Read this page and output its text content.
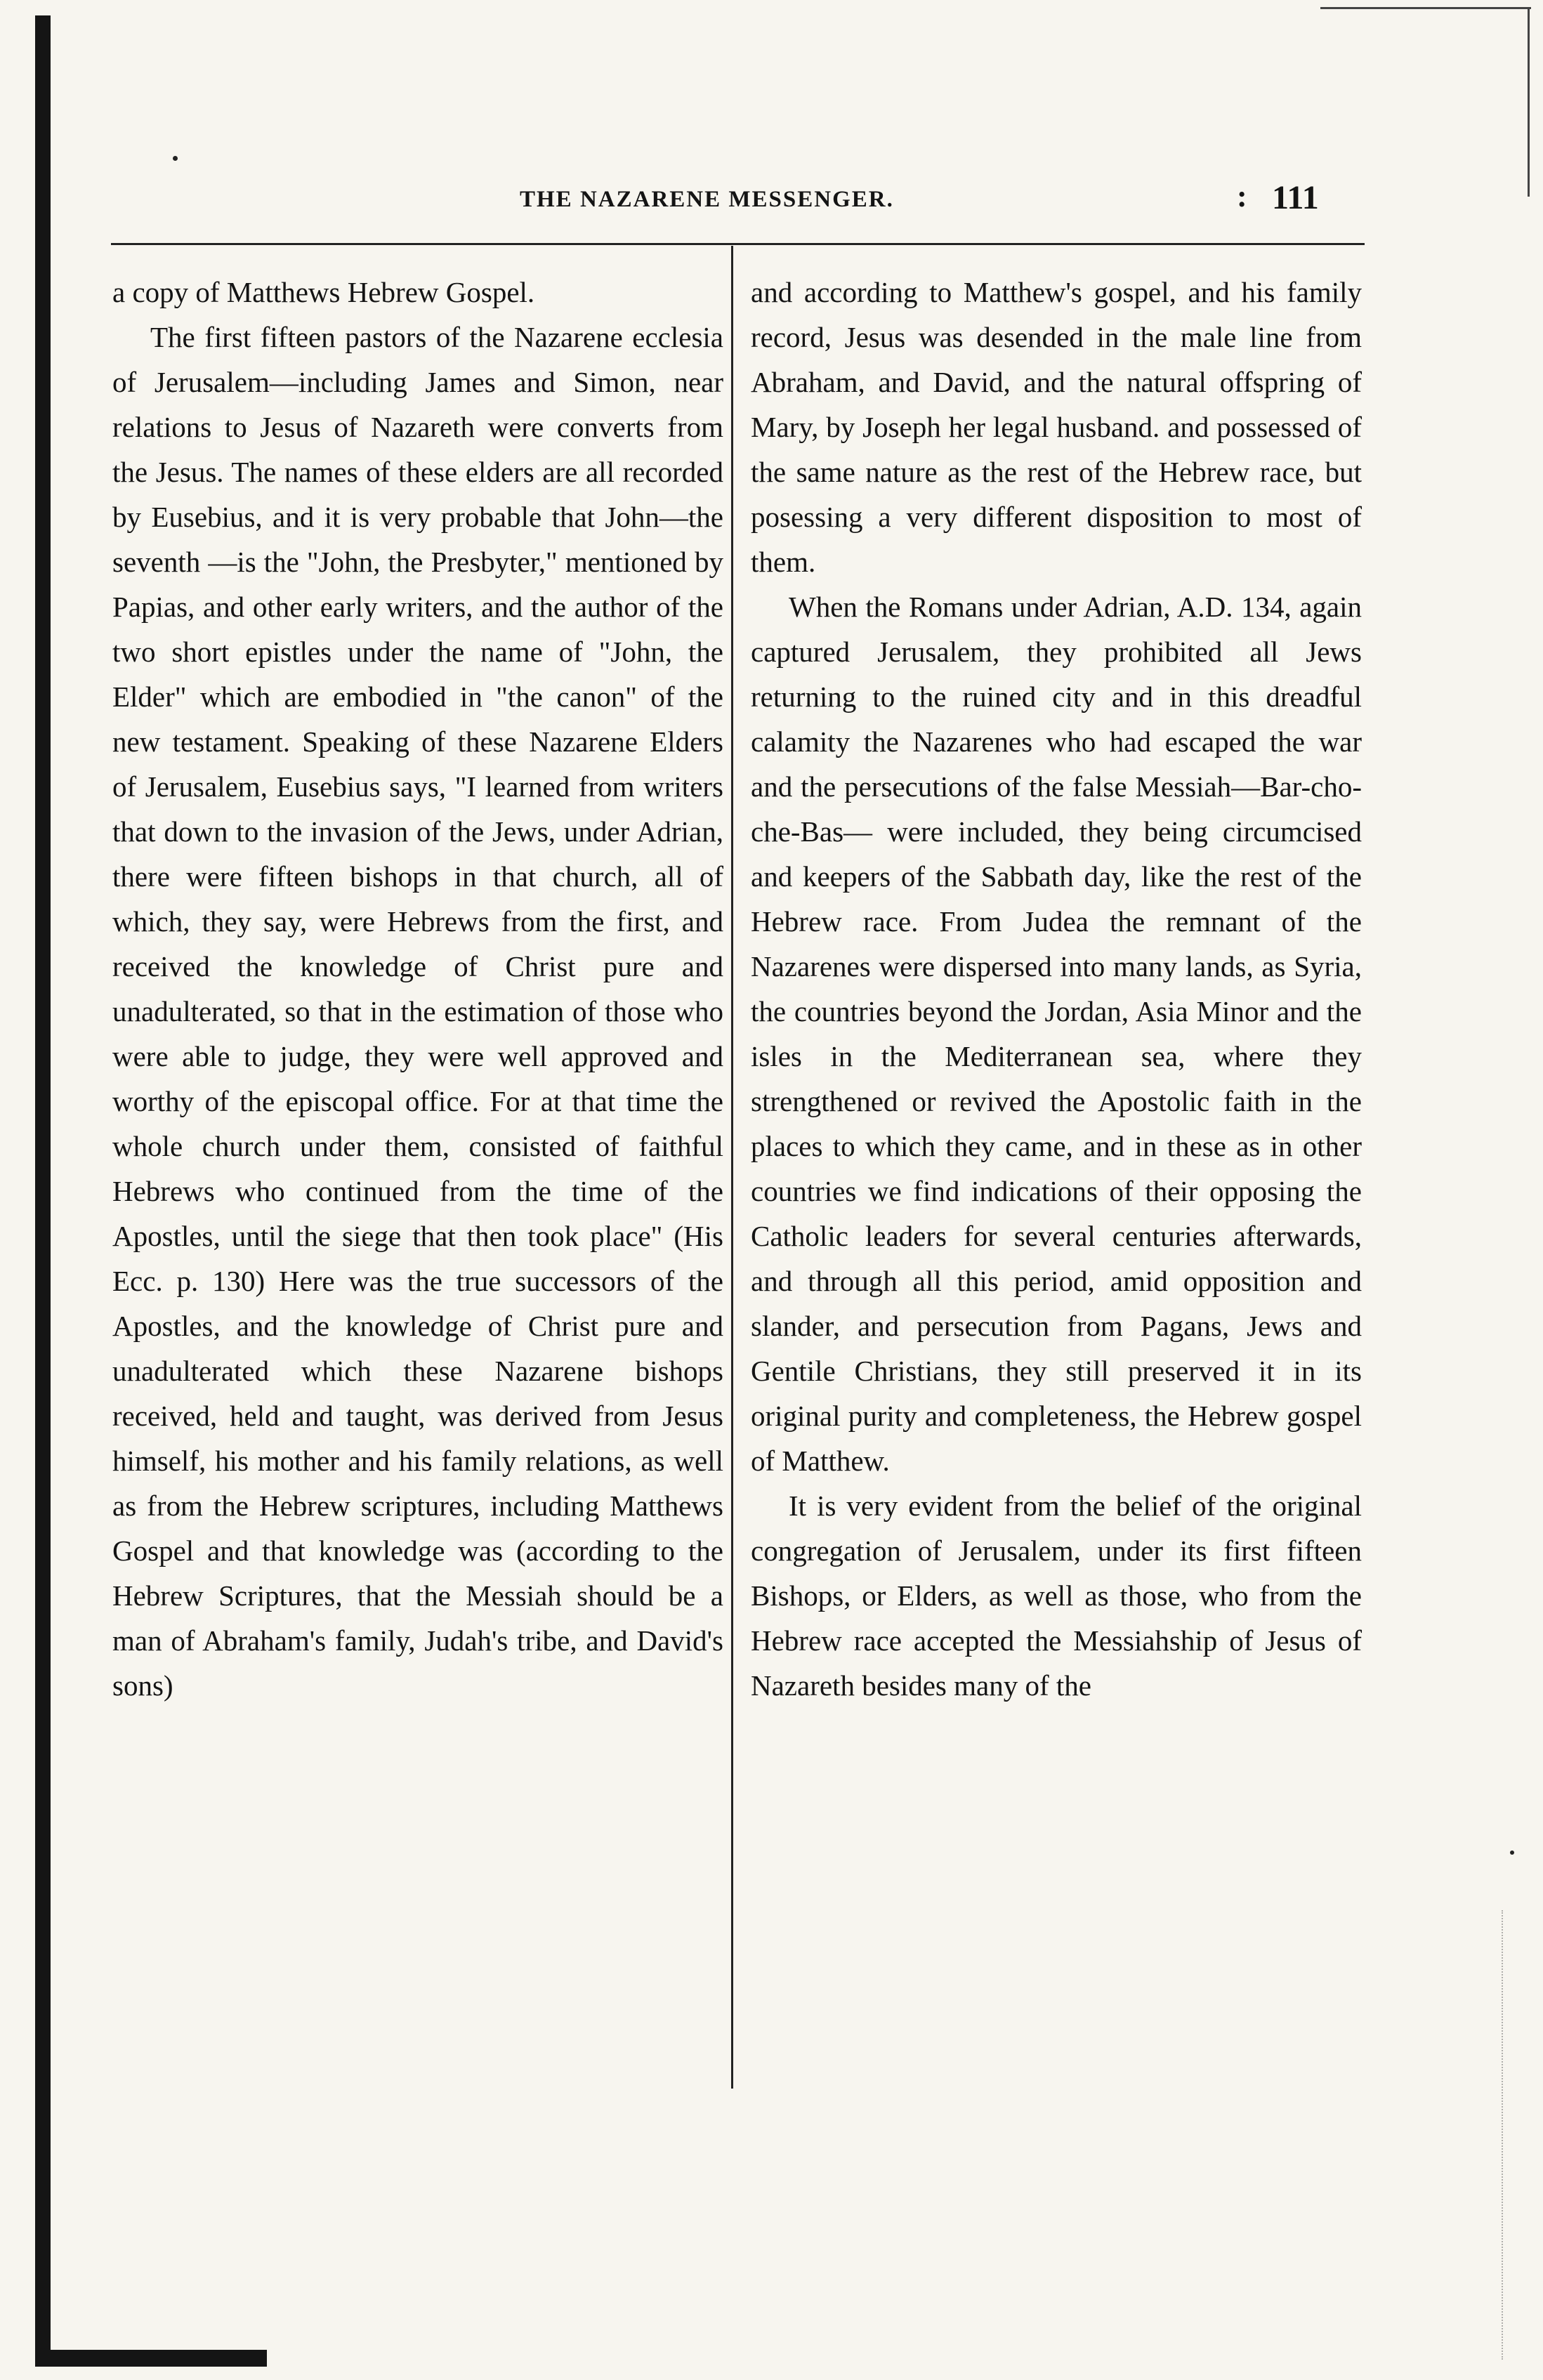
THE NAZARENE MESSENGER.	: 111

a copy of Matthews Hebrew Gospel.

The first fifteen pastors of the Nazarene ecclesia of Jerusalem—including James and Simon, near relations to Jesus of Nazareth were converts from the Jesus. The names of these elders are all recorded by Eusebius, and it is very probable that John—the seventh —is the "John, the Presbyter," mentioned by Papias, and other early writers, and the author of the two short epistles under the name of "John, the Elder" which are embodied in "the canon" of the new testament. Speaking of these Nazarene Elders of Jerusalem, Eusebius says, "I learned from writers that down to the invasion of the Jews, under Adrian, there were fifteen bishops in that church, all of which, they say, were Hebrews from the first, and received the knowledge of Christ pure and unadulterated, so that in the estimation of those who were able to judge, they were well approved and worthy of the episcopal office. For at that time the whole church under them, consisted of faithful Hebrews who continued from the time of the Apostles, until the siege that then took place" (His Ecc. p. 130) Here was the true successors of the Apostles, and the knowledge of Christ pure and unadulterated which these Nazarene bishops received, held and taught, was derived from Jesus himself, his mother and his family relations, as well as from the Hebrew scriptures, including Matthews Gospel and that knowledge was (according to the Hebrew Scriptures, that the Messiah should be a man of Abraham's family, Judah's tribe, and David's sons)

and according to Matthew's gospel, and his family record, Jesus was desended in the male line from Abraham, and David, and the natural offspring of Mary, by Joseph her legal husband. and possessed of the same nature as the rest of the Hebrew race, but posessing a very different disposition to most of them.

When the Romans under Adrian, A.D. 134, again captured Jerusalem, they prohibited all Jews returning to the ruined city and in this dreadful calamity the Nazarenes who had escaped the war and the persecutions of the false Messiah—Bar-cho-che-Bas— were included, they being circumcised and keepers of the Sabbath day, like the rest of the Hebrew race. From Judea the remnant of the Nazarenes were dispersed into many lands, as Syria, the countries beyond the Jordan, Asia Minor and the isles in the Mediterranean sea, where they strengthened or revived the Apostolic faith in the places to which they came, and in these as in other countries we find indications of their opposing the Catholic leaders for several centuries afterwards, and through all this period, amid opposition and slander, and persecution from Pagans, Jews and Gentile Christians, they still preserved it in its original purity and completeness, the Hebrew gospel of Matthew.

It is very evident from the belief of the original congregation of Jerusalem, under its first fifteen Bishops, or Elders, as well as those, who from the Hebrew race accepted the Messiahship of Jesus of Nazareth besides many of the
